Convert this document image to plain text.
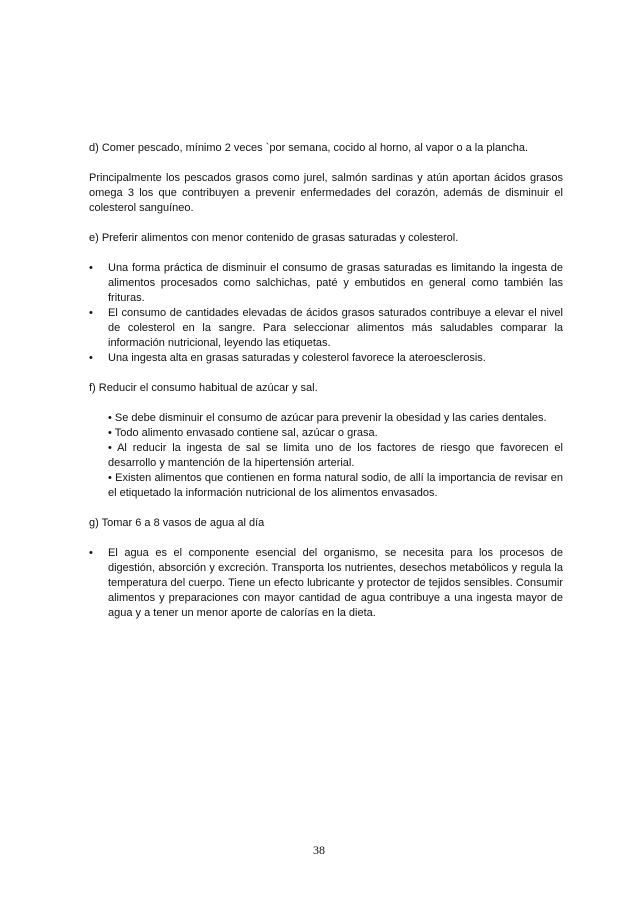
d) Comer pescado, mínimo 2 veces `por semana, cocido al horno, al vapor o a la plancha.

Principalmente los pescados grasos como jurel, salmón sardinas y atún aportan ácidos grasos omega 3 los que contribuyen a prevenir enfermedades del corazón, además de disminuir el colesterol sanguíneo.

e) Preferir alimentos con menor contenido de grasas saturadas y colesterol.

• Una forma práctica de disminuir el consumo de grasas saturadas es limitando la ingesta de alimentos procesados como salchichas, paté y embutidos en general como también las frituras.
• El consumo de cantidades elevadas de ácidos grasos saturados contribuye a elevar el nivel de colesterol en la sangre. Para seleccionar alimentos más saludables comparar la información nutricional, leyendo las etiquetas.
• Una ingesta alta en grasas saturadas y colesterol favorece la ateroesclerosis.

f) Reducir el consumo habitual de azúcar y sal.

• Se debe disminuir el consumo de azúcar para prevenir la obesidad y las caries dentales.

• Todo alimento envasado contiene sal, azúcar o grasa.

• Al reducir la ingesta de sal se limita uno de los factores de riesgo que favorecen el desarrollo y mantención de la hipertensión arterial.

• Existen alimentos que contienen en forma natural sodio, de allí la importancia de revisar en el etiquetado la información nutricional de los alimentos envasados.

g) Tomar 6 a 8 vasos de agua al día

• El agua es el componente esencial del organismo, se necesita para los procesos de digestión, absorción y excreción. Transporta los nutrientes, desechos metabólicos y regula la temperatura del cuerpo. Tiene un efecto lubricante y protector de tejidos sensibles. Consumir alimentos y preparaciones con mayor cantidad de agua contribuye a una ingesta mayor de agua y a tener un menor aporte de calorías en la dieta.
38
